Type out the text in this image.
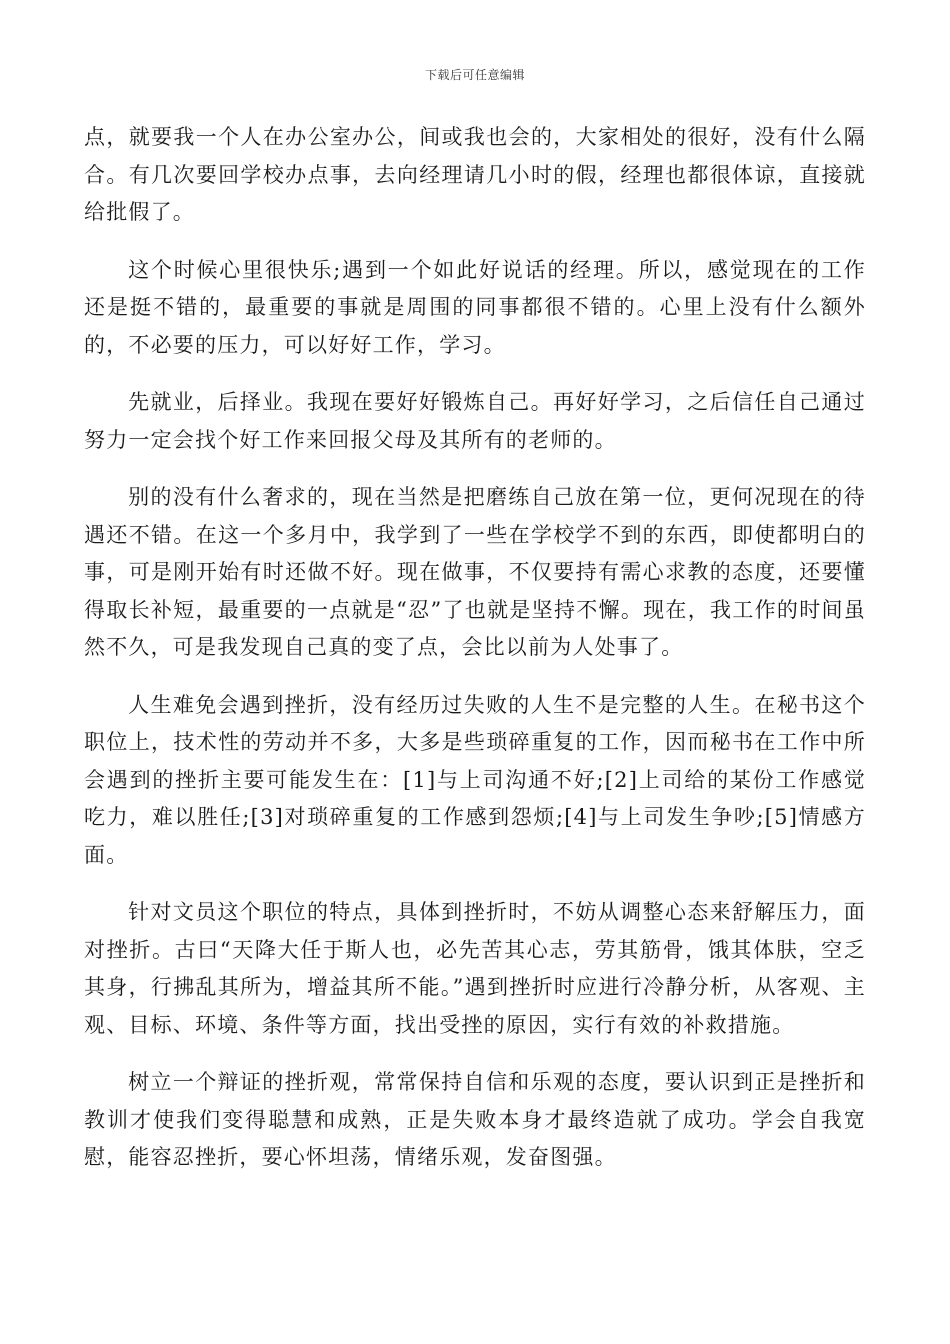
下载后可任意编辑

点，就要我一个人在办公室办公，间或我也会的，大家相处的很好，没有什么隔合。有几次要回学校办点事，去向经理请几小时的假，经理也都很体谅，直接就给批假了。

这个时候心里很快乐;遇到一个如此好说话的经理。所以，感觉现在的工作还是挺不错的，最重要的事就是周围的同事都很不错的。心里上没有什么额外的，不必要的压力，可以好好工作，学习。

先就业，后择业。我现在要好好锻炼自己。再好好学习，之后信任自己通过努力一定会找个好工作来回报父母及其所有的老师的。

别的没有什么奢求的，现在当然是把磨练自己放在第一位，更何况现在的待遇还不错。在这一个多月中，我学到了一些在学校学不到的东西，即使都明白的事，可是刚开始有时还做不好。现在做事，不仅要持有需心求教的态度，还要懂得取长补短，最重要的一点就是“忍”了也就是坚持不懈。现在，我工作的时间虽然不久，可是我发现自己真的变了点，会比以前为人处事了。

人生难免会遇到挫折，没有经历过失败的人生不是完整的人生。在秘书这个职位上，技术性的劳动并不多，大多是些琐碎重复的工作，因而秘书在工作中所会遇到的挫折主要可能发生在：[1]与上司沟通不好;[2]上司给的某份工作感觉吃力，难以胜任;[3]对琐碎重复的工作感到怨烦;[4]与上司发生争吵;[5]情感方面。

针对文员这个职位的特点，具体到挫折时，不妨从调整心态来舒解压力，面对挫折。古曰“天降大任于斯人也，必先苦其心志，劳其筋骨，饿其体肤，空乏其身，行拂乱其所为，增益其所不能。”遇到挫折时应进行冷静分析，从客观、主观、目标、环境、条件等方面，找出受挫的原因，实行有效的补救措施。

树立一个辩证的挫折观，常常保持自信和乐观的态度，要认识到正是挫折和教训才使我们变得聪慧和成熟，正是失败本身才最终造就了成功。学会自我宽慰，能容忍挫折，要心怀坦荡，情绪乐观，发奋图强。
